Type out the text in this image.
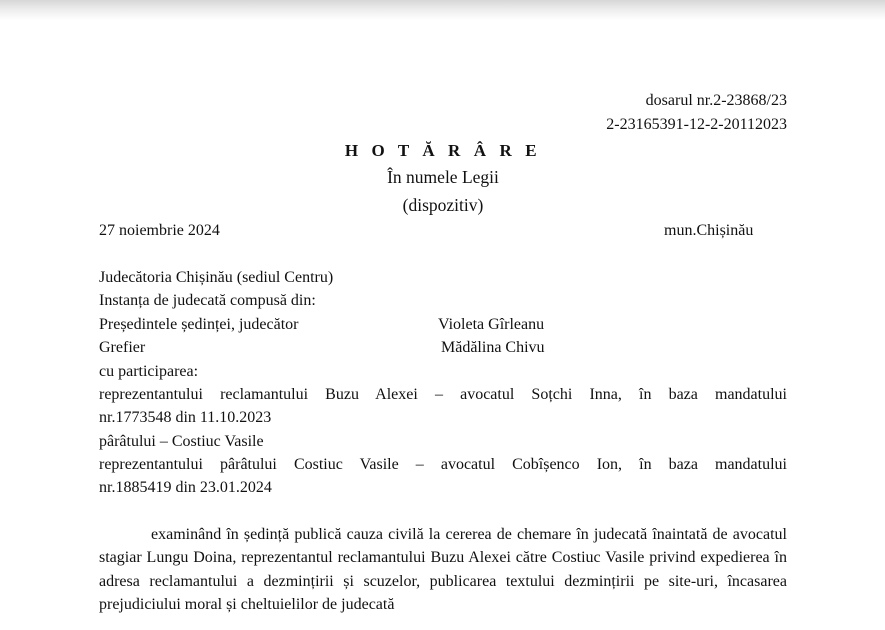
dosarul nr.2-23868/23
2-23165391-12-2-20112023
H O T Ă R Â R E
În numele Legii
(dispozitiv)
27 noiembrie 2024	mun.Chișinău
Judecătoria Chișinău (sediul Centru)
Instanța de judecată compusă din:
Președintele ședinței, judecător	Violeta Gîrleanu
Grefier	Mădălina Chivu
cu participarea:
reprezentantului reclamantului Buzu Alexei – avocatul Soțchi Inna, în baza mandatului
nr.1773548 din 11.10.2023
pârâtului – Costiuc Vasile
reprezentantului pârâtului Costiuc Vasile – avocatul Cobîșenco Ion, în baza mandatului
nr.1885419 din 23.01.2024
examinând în ședință publică cauza civilă la cererea de chemare în judecată înaintată de avocatul stagiar Lungu Doina, reprezentantul reclamantului Buzu Alexei către Costiuc Vasile privind expedierea în adresa reclamantului a dezmințirii și scuzelor, publicarea textului dezmințirii pe site-uri, încasarea prejudiciului moral și cheltuielilor de judecată
